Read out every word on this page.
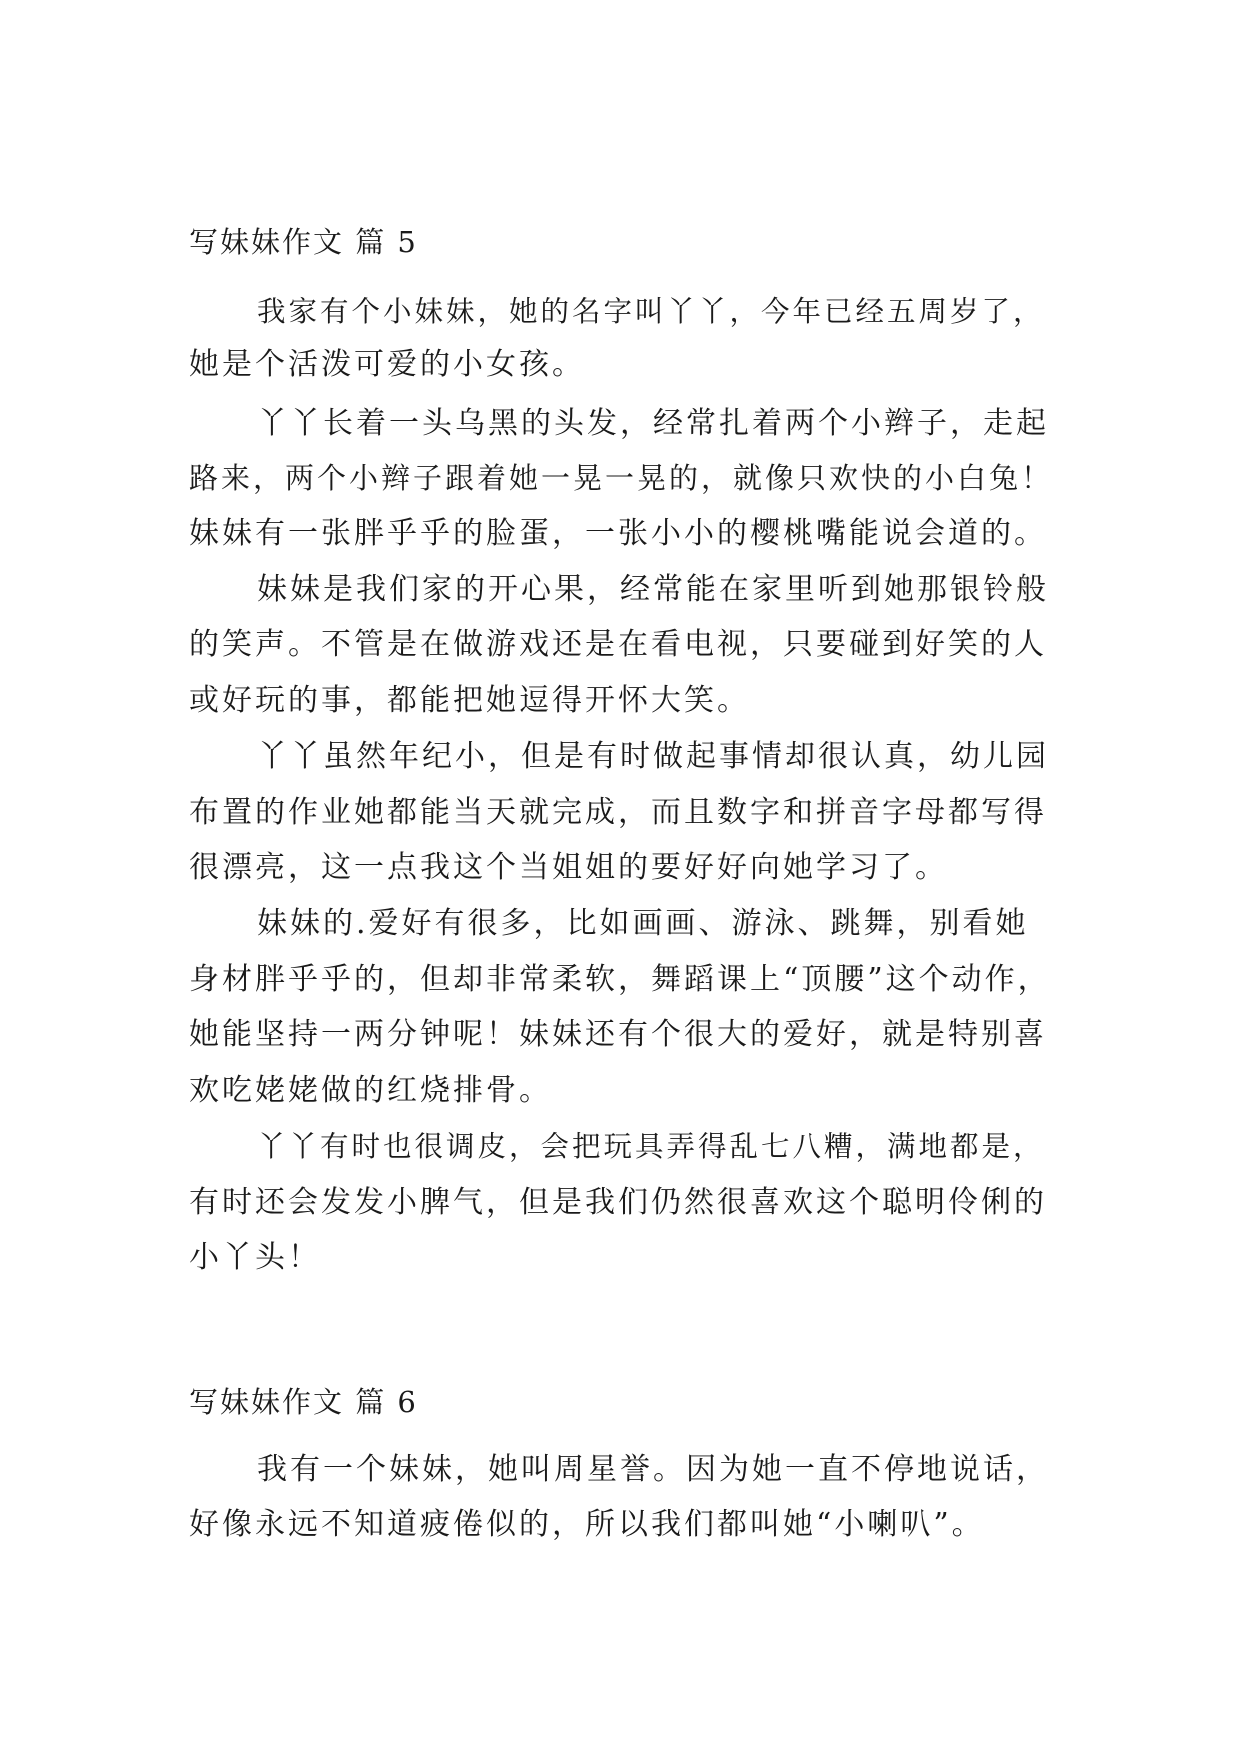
写妹妹作文 篇 5
我家有个小妹妹，她的名字叫丫丫，今年已经五周岁了，
她是个活泼可爱的小女孩。
丫丫长着一头乌黑的头发，经常扎着两个小辫子，走起
路来，两个小辫子跟着她一晃一晃的，就像只欢快的小白兔！
妹妹有一张胖乎乎的脸蛋，一张小小的樱桃嘴能说会道的。
妹妹是我们家的开心果，经常能在家里听到她那银铃般
的笑声。不管是在做游戏还是在看电视，只要碰到好笑的人
或好玩的事，都能把她逗得开怀大笑。
丫丫虽然年纪小，但是有时做起事情却很认真，幼儿园
布置的作业她都能当天就完成，而且数字和拼音字母都写得
很漂亮，这一点我这个当姐姐的要好好向她学习了。
妹妹的.爱好有很多，比如画画、游泳、跳舞，别看她
身材胖乎乎的，但却非常柔软，舞蹈课上“顶腰”这个动作，
她能坚持一两分钟呢！妹妹还有个很大的爱好，就是特别喜
欢吃姥姥做的红烧排骨。
丫丫有时也很调皮，会把玩具弄得乱七八糟，满地都是，
有时还会发发小脾气，但是我们仍然很喜欢这个聪明伶俐的
小丫头！
写妹妹作文 篇 6
我有一个妹妹，她叫周星誉。因为她一直不停地说话，
好像永远不知道疲倦似的，所以我们都叫她“小喇叭”。
